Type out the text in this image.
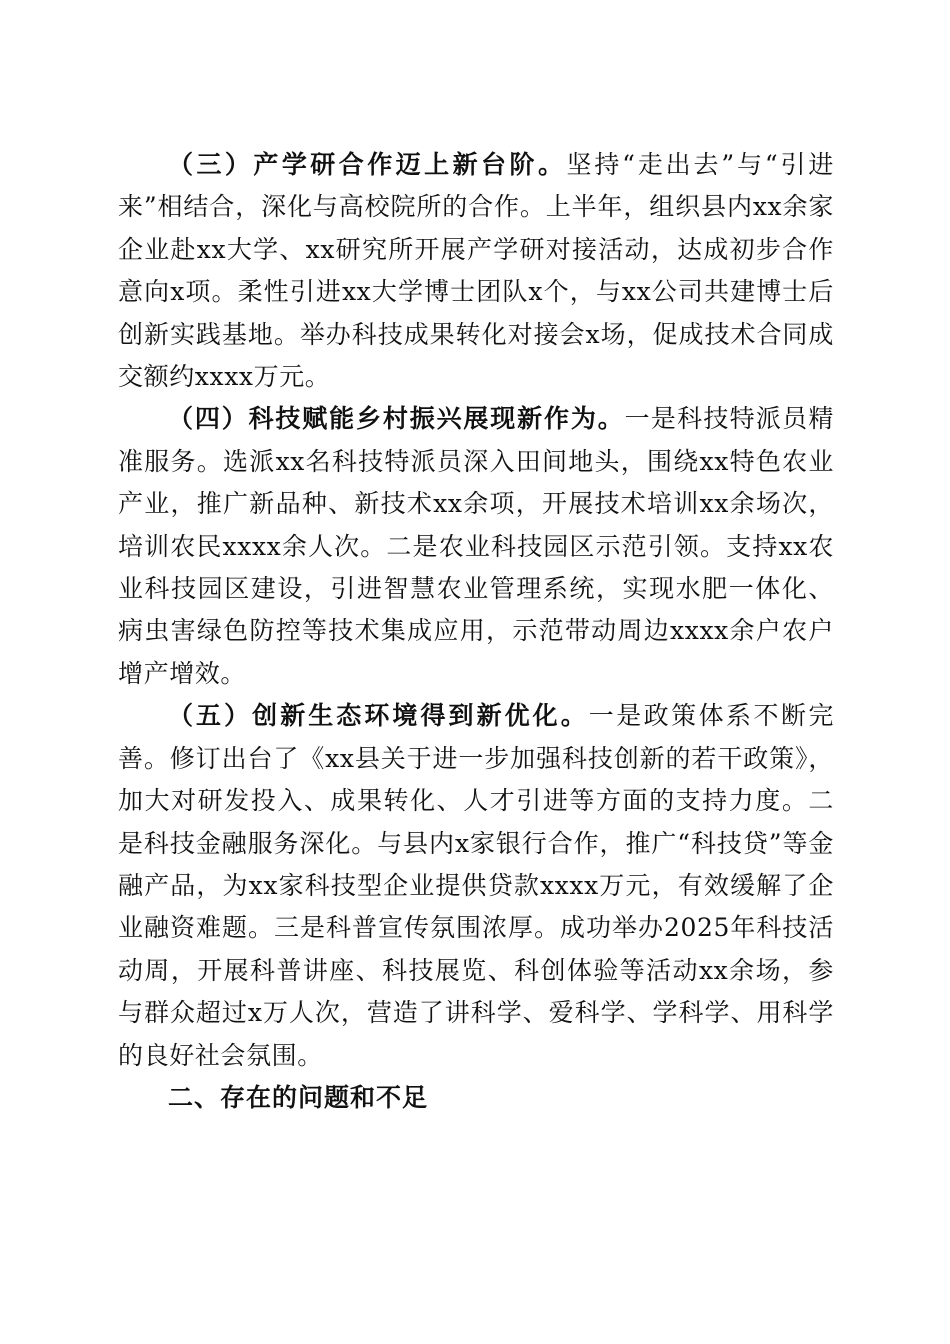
（三）产学研合作迈上新台阶。坚持“走出去”与“引进来”相结合，深化与高校院所的合作。上半年，组织县内xx余家企业赴xx大学、xx研究所开展产学研对接活动，达成初步合作意向x项。柔性引进xx大学博士团队x个，与xx公司共建博士后创新实践基地。举办科技成果转化对接会x场，促成技术合同成交额约xxxx万元。

（四）科技赋能乡村振兴展现新作为。一是科技特派员精准服务。选派xx名科技特派员深入田间地头，围绕xx特色农业产业，推广新品种、新技术xx余项，开展技术培训xx余场次，培训农民xxxx余人次。二是农业科技园区示范引领。支持xx农业科技园区建设，引进智慧农业管理系统，实现水肥一体化、病虫害绿色防控等技术集成应用，示范带动周边xxxx余户农户增产增效。

（五）创新生态环境得到新优化。一是政策体系不断完善。修订出台了《xx县关于进一步加强科技创新的若干政策》，加大对研发投入、成果转化、人才引进等方面的支持力度。二是科技金融服务深化。与县内x家银行合作，推广“科技贷”等金融产品，为xx家科技型企业提供贷款xxxx万元，有效缓解了企业融资难题。三是科普宣传氛围浓厚。成功举办2025年科技活动周，开展科普讲座、科技展览、科创体验等活动xx余场，参与群众超过x万人次，营造了讲科学、爱科学、学科学、用科学的良好社会氛围。

二、存在的问题和不足
